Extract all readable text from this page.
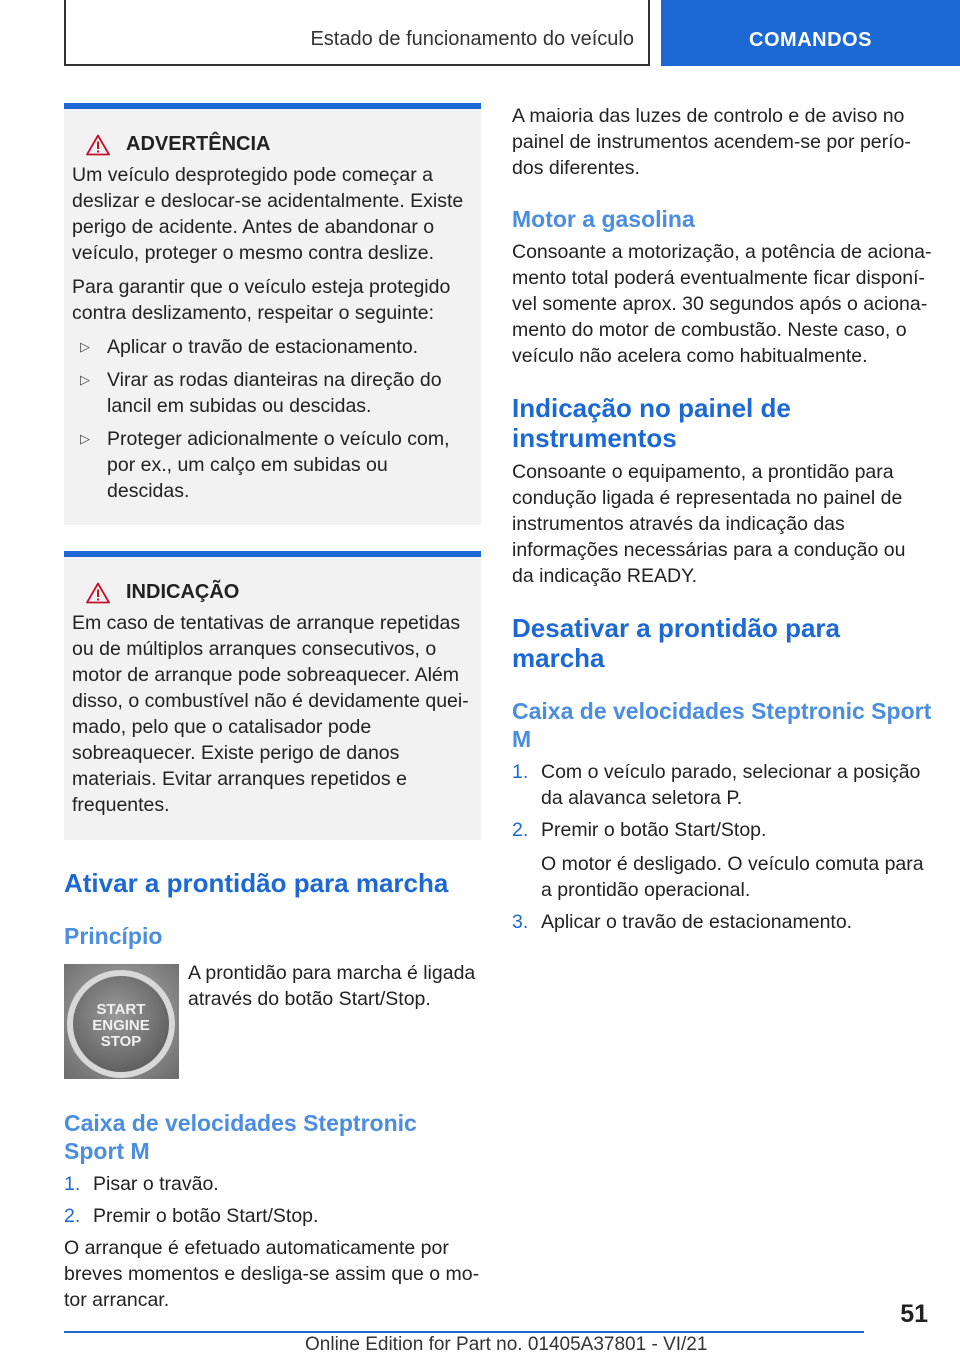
Estado de funcionamento do veículo	COMANDOS
ADVERTÊNCIA
Um veículo desprotegido pode começar a deslizar e deslocar-se acidentalmente. Existe perigo de acidente. Antes de abandonar o veículo, proteger o mesmo contra deslize.
Para garantir que o veículo esteja protegido contra deslizamento, respeitar o seguinte:
▷ Aplicar o travão de estacionamento.
▷ Virar as rodas dianteiras na direção do lancil em subidas ou descidas.
▷ Proteger adicionalmente o veículo com, por ex., um calço em subidas ou descidas.
INDICAÇÃO
Em caso de tentativas de arranque repetidas ou de múltiplos arranques consecutivos, o motor de arranque pode sobreaquecer. Além disso, o combustível não é devidamente queimado, pelo que o catalisador pode sobreaquecer. Existe perigo de danos materiais. Evitar arranques repetidos e frequentes.
Ativar a prontidão para marcha
Princípio
START
ENGINE
STOP
A prontidão para marcha é ligada através do botão Start/Stop.
Caixa de velocidades Steptronic Sport M
1. Pisar o travão.
2. Premir o botão Start/Stop.
O arranque é efetuado automaticamente por breves momentos e desliga-se assim que o motor arrancar.
A maioria das luzes de controlo e de aviso no painel de instrumentos acendem-se por períodos diferentes.
Motor a gasolina
Consoante a motorização, a potência de acionamento total poderá eventualmente ficar disponível somente aprox. 30 segundos após o acionamento do motor de combustão. Neste caso, o veículo não acelera como habitualmente.
Indicação no painel de instrumentos
Consoante o equipamento, a prontidão para condução ligada é representada no painel de instrumentos através da indicação das informações necessárias para a condução ou da indicação READY.
Desativar a prontidão para marcha
Caixa de velocidades Steptronic Sport M
1. Com o veículo parado, selecionar a posição da alavanca seletora P.
2. Premir o botão Start/Stop.
O motor é desligado. O veículo comuta para a prontidão operacional.
3. Aplicar o travão de estacionamento.
51
Online Edition for Part no. 01405A37801 - VI/21
